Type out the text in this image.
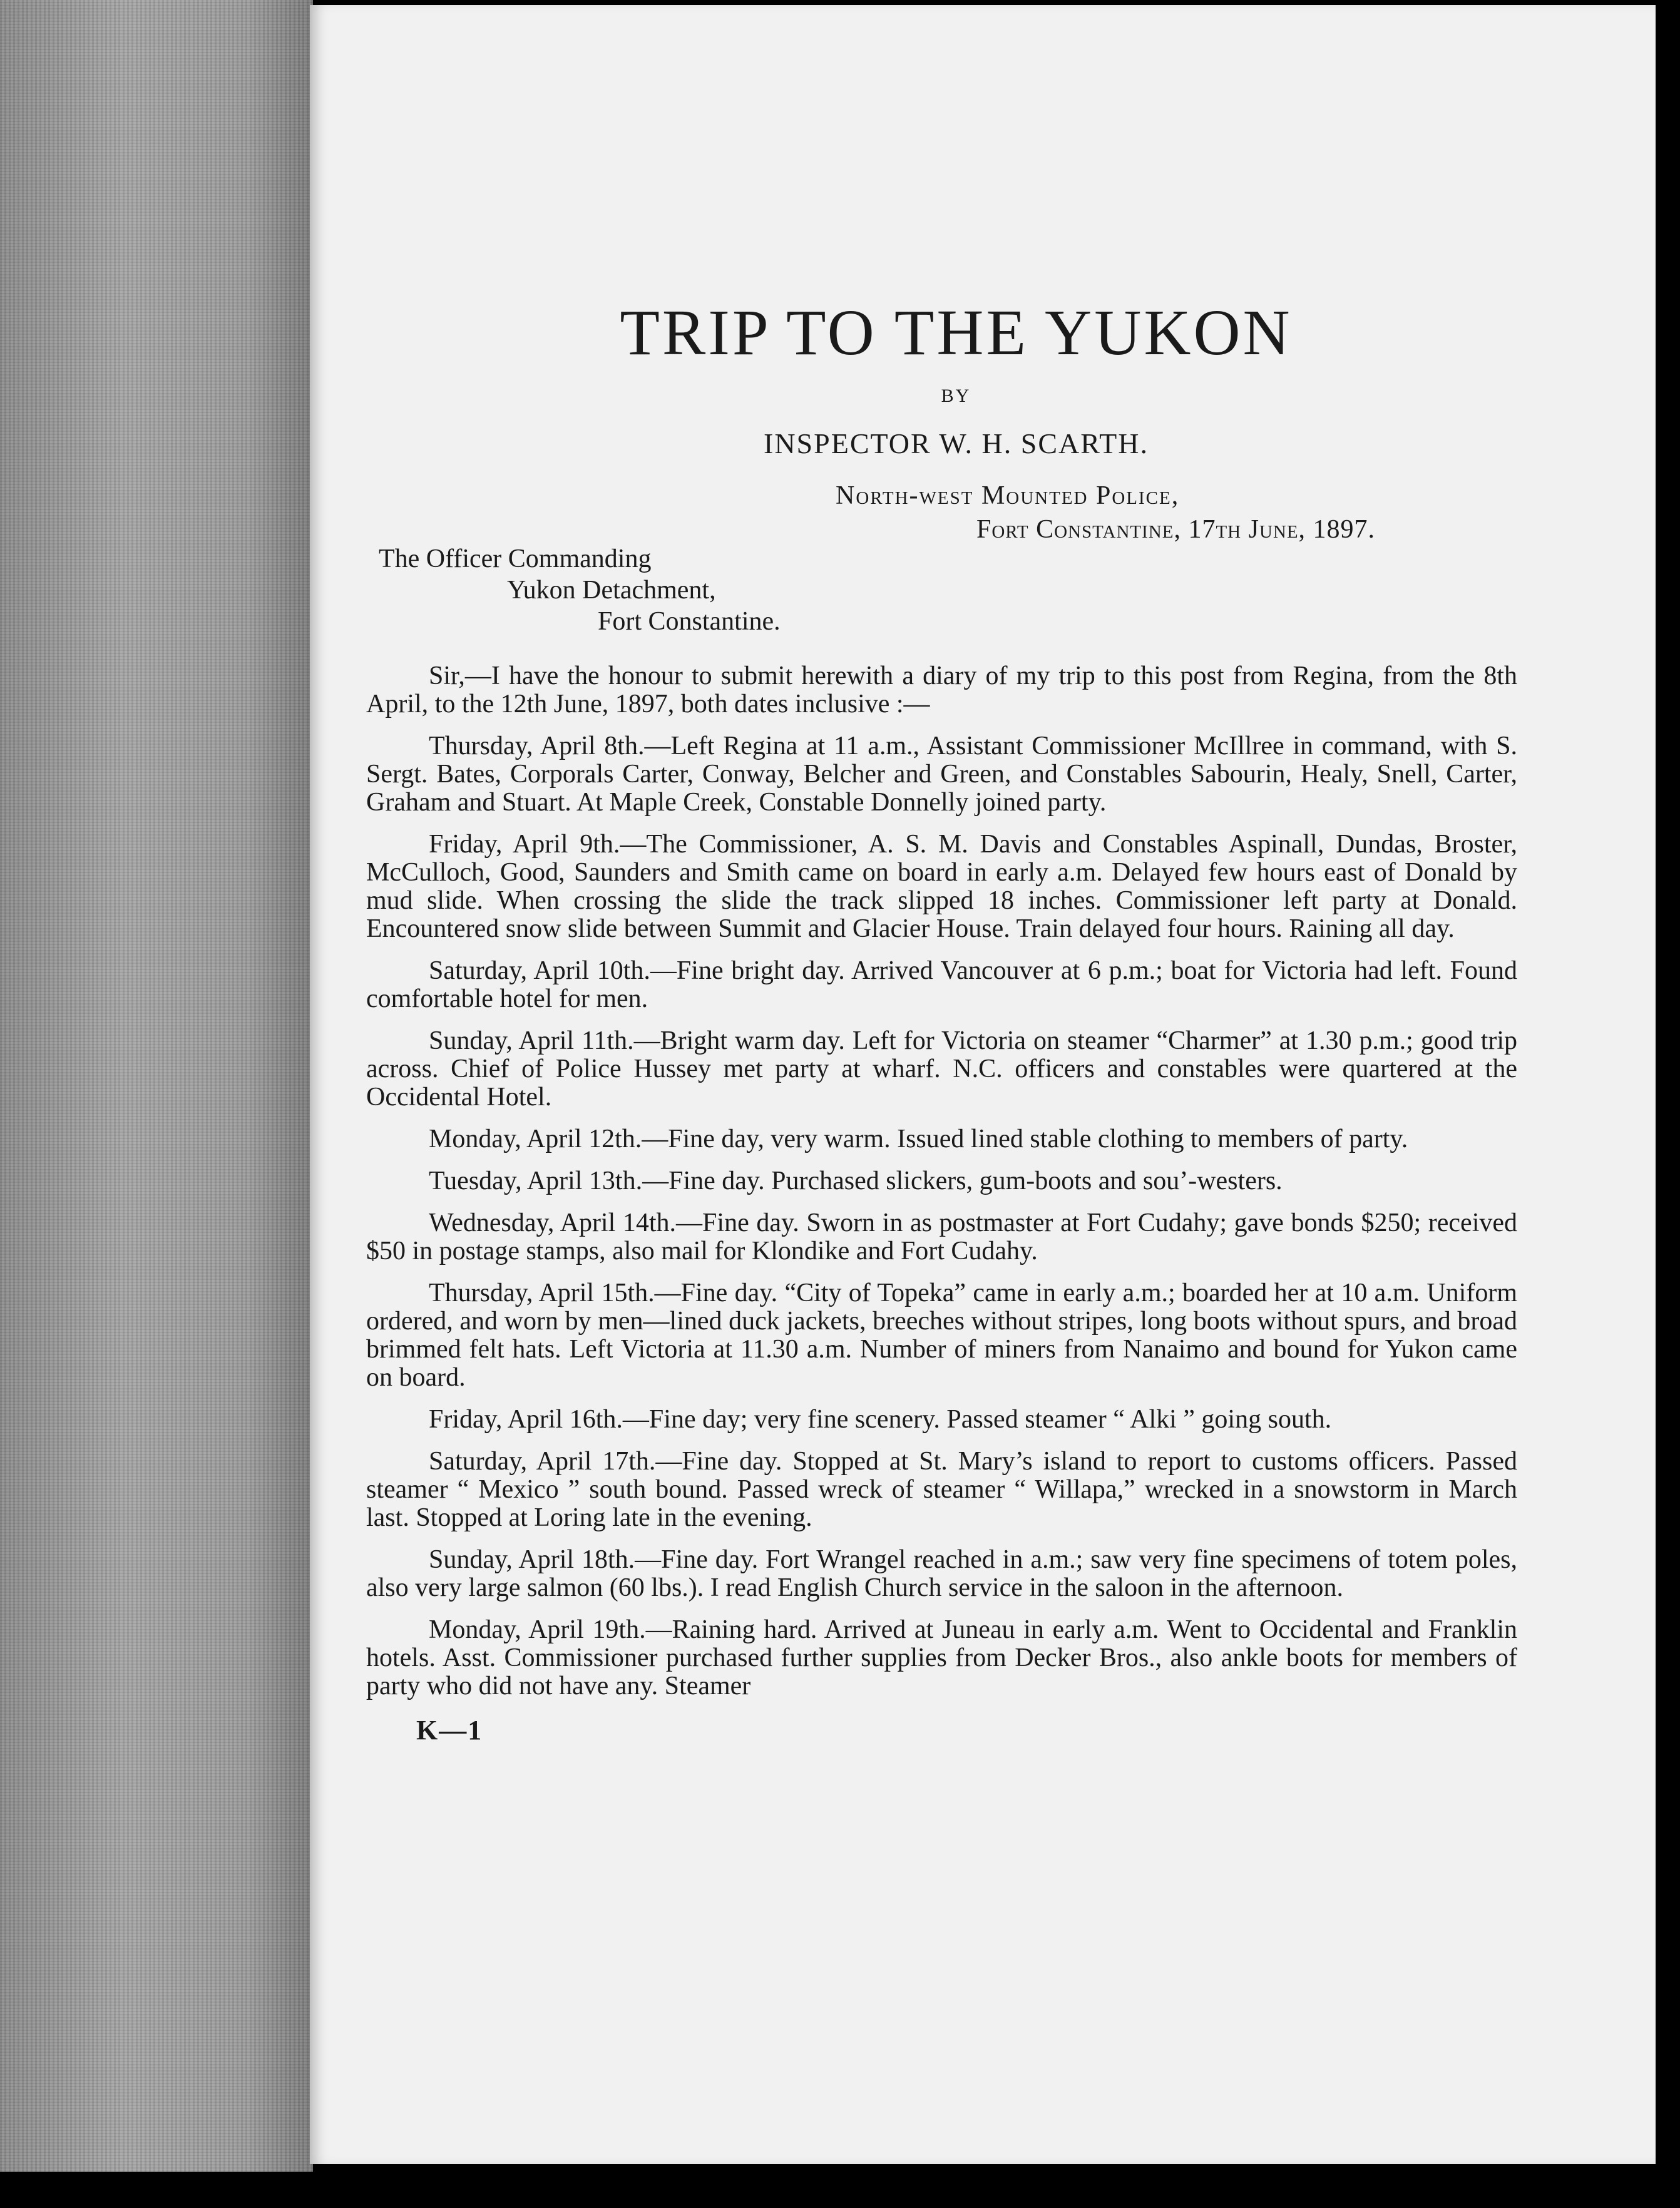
TRIP TO THE YUKON
BY
INSPECTOR W. H. SCARTH.
North-west Mounted Police,
Fort Constantine, 17th June, 1897.
The Officer Commanding
Yukon Detachment,
Fort Constantine.

Sir,—I have the honour to submit herewith a diary of my trip to this post from Regina, from the 8th April, to the 12th June, 1897, both dates inclusive :—

Thursday, April 8th.—Left Regina at 11 a.m., Assistant Commissioner McIllree in command, with S. Sergt. Bates, Corporals Carter, Conway, Belcher and Green, and Constables Sabourin, Healy, Snell, Carter, Graham and Stuart. At Maple Creek, Constable Donnelly joined party.

Friday, April 9th.—The Commissioner, A. S. M. Davis and Constables Aspinall, Dundas, Broster, McCulloch, Good, Saunders and Smith came on board in early a.m. Delayed few hours east of Donald by mud slide. When crossing the slide the track slipped 18 inches. Commissioner left party at Donald. Encountered snow slide between Summit and Glacier House. Train delayed four hours. Raining all day.

Saturday, April 10th.—Fine bright day. Arrived Vancouver at 6 p.m.; boat for Victoria had left. Found comfortable hotel for men.

Sunday, April 11th.—Bright warm day. Left for Victoria on steamer “Charmer” at 1.30 p.m.; good trip across. Chief of Police Hussey met party at wharf. N.C. officers and constables were quartered at the Occidental Hotel.

Monday, April 12th.—Fine day, very warm. Issued lined stable clothing to members of party.

Tuesday, April 13th.—Fine day. Purchased slickers, gum-boots and sou’-westers.

Wednesday, April 14th.—Fine day. Sworn in as postmaster at Fort Cudahy; gave bonds $250; received $50 in postage stamps, also mail for Klondike and Fort Cudahy.

Thursday, April 15th.—Fine day. “City of Topeka” came in early a.m.; boarded her at 10 a.m. Uniform ordered, and worn by men—lined duck jackets, breeches without stripes, long boots without spurs, and broad brimmed felt hats. Left Victoria at 11.30 a.m. Number of miners from Nanaimo and bound for Yukon came on board.

Friday, April 16th.—Fine day; very fine scenery. Passed steamer “ Alki ” going south.

Saturday, April 17th.—Fine day. Stopped at St. Mary’s island to report to customs officers. Passed steamer “ Mexico ” south bound. Passed wreck of steamer “ Willapa,” wrecked in a snowstorm in March last. Stopped at Loring late in the evening.

Sunday, April 18th.—Fine day. Fort Wrangel reached in a.m.; saw very fine specimens of totem poles, also very large salmon (60 lbs.). I read English Church service in the saloon in the afternoon.

Monday, April 19th.—Raining hard. Arrived at Juneau in early a.m. Went to Occidental and Franklin hotels. Asst. Commissioner purchased further supplies from Decker Bros., also ankle boots for members of party who did not have any. Steamer

K—1
